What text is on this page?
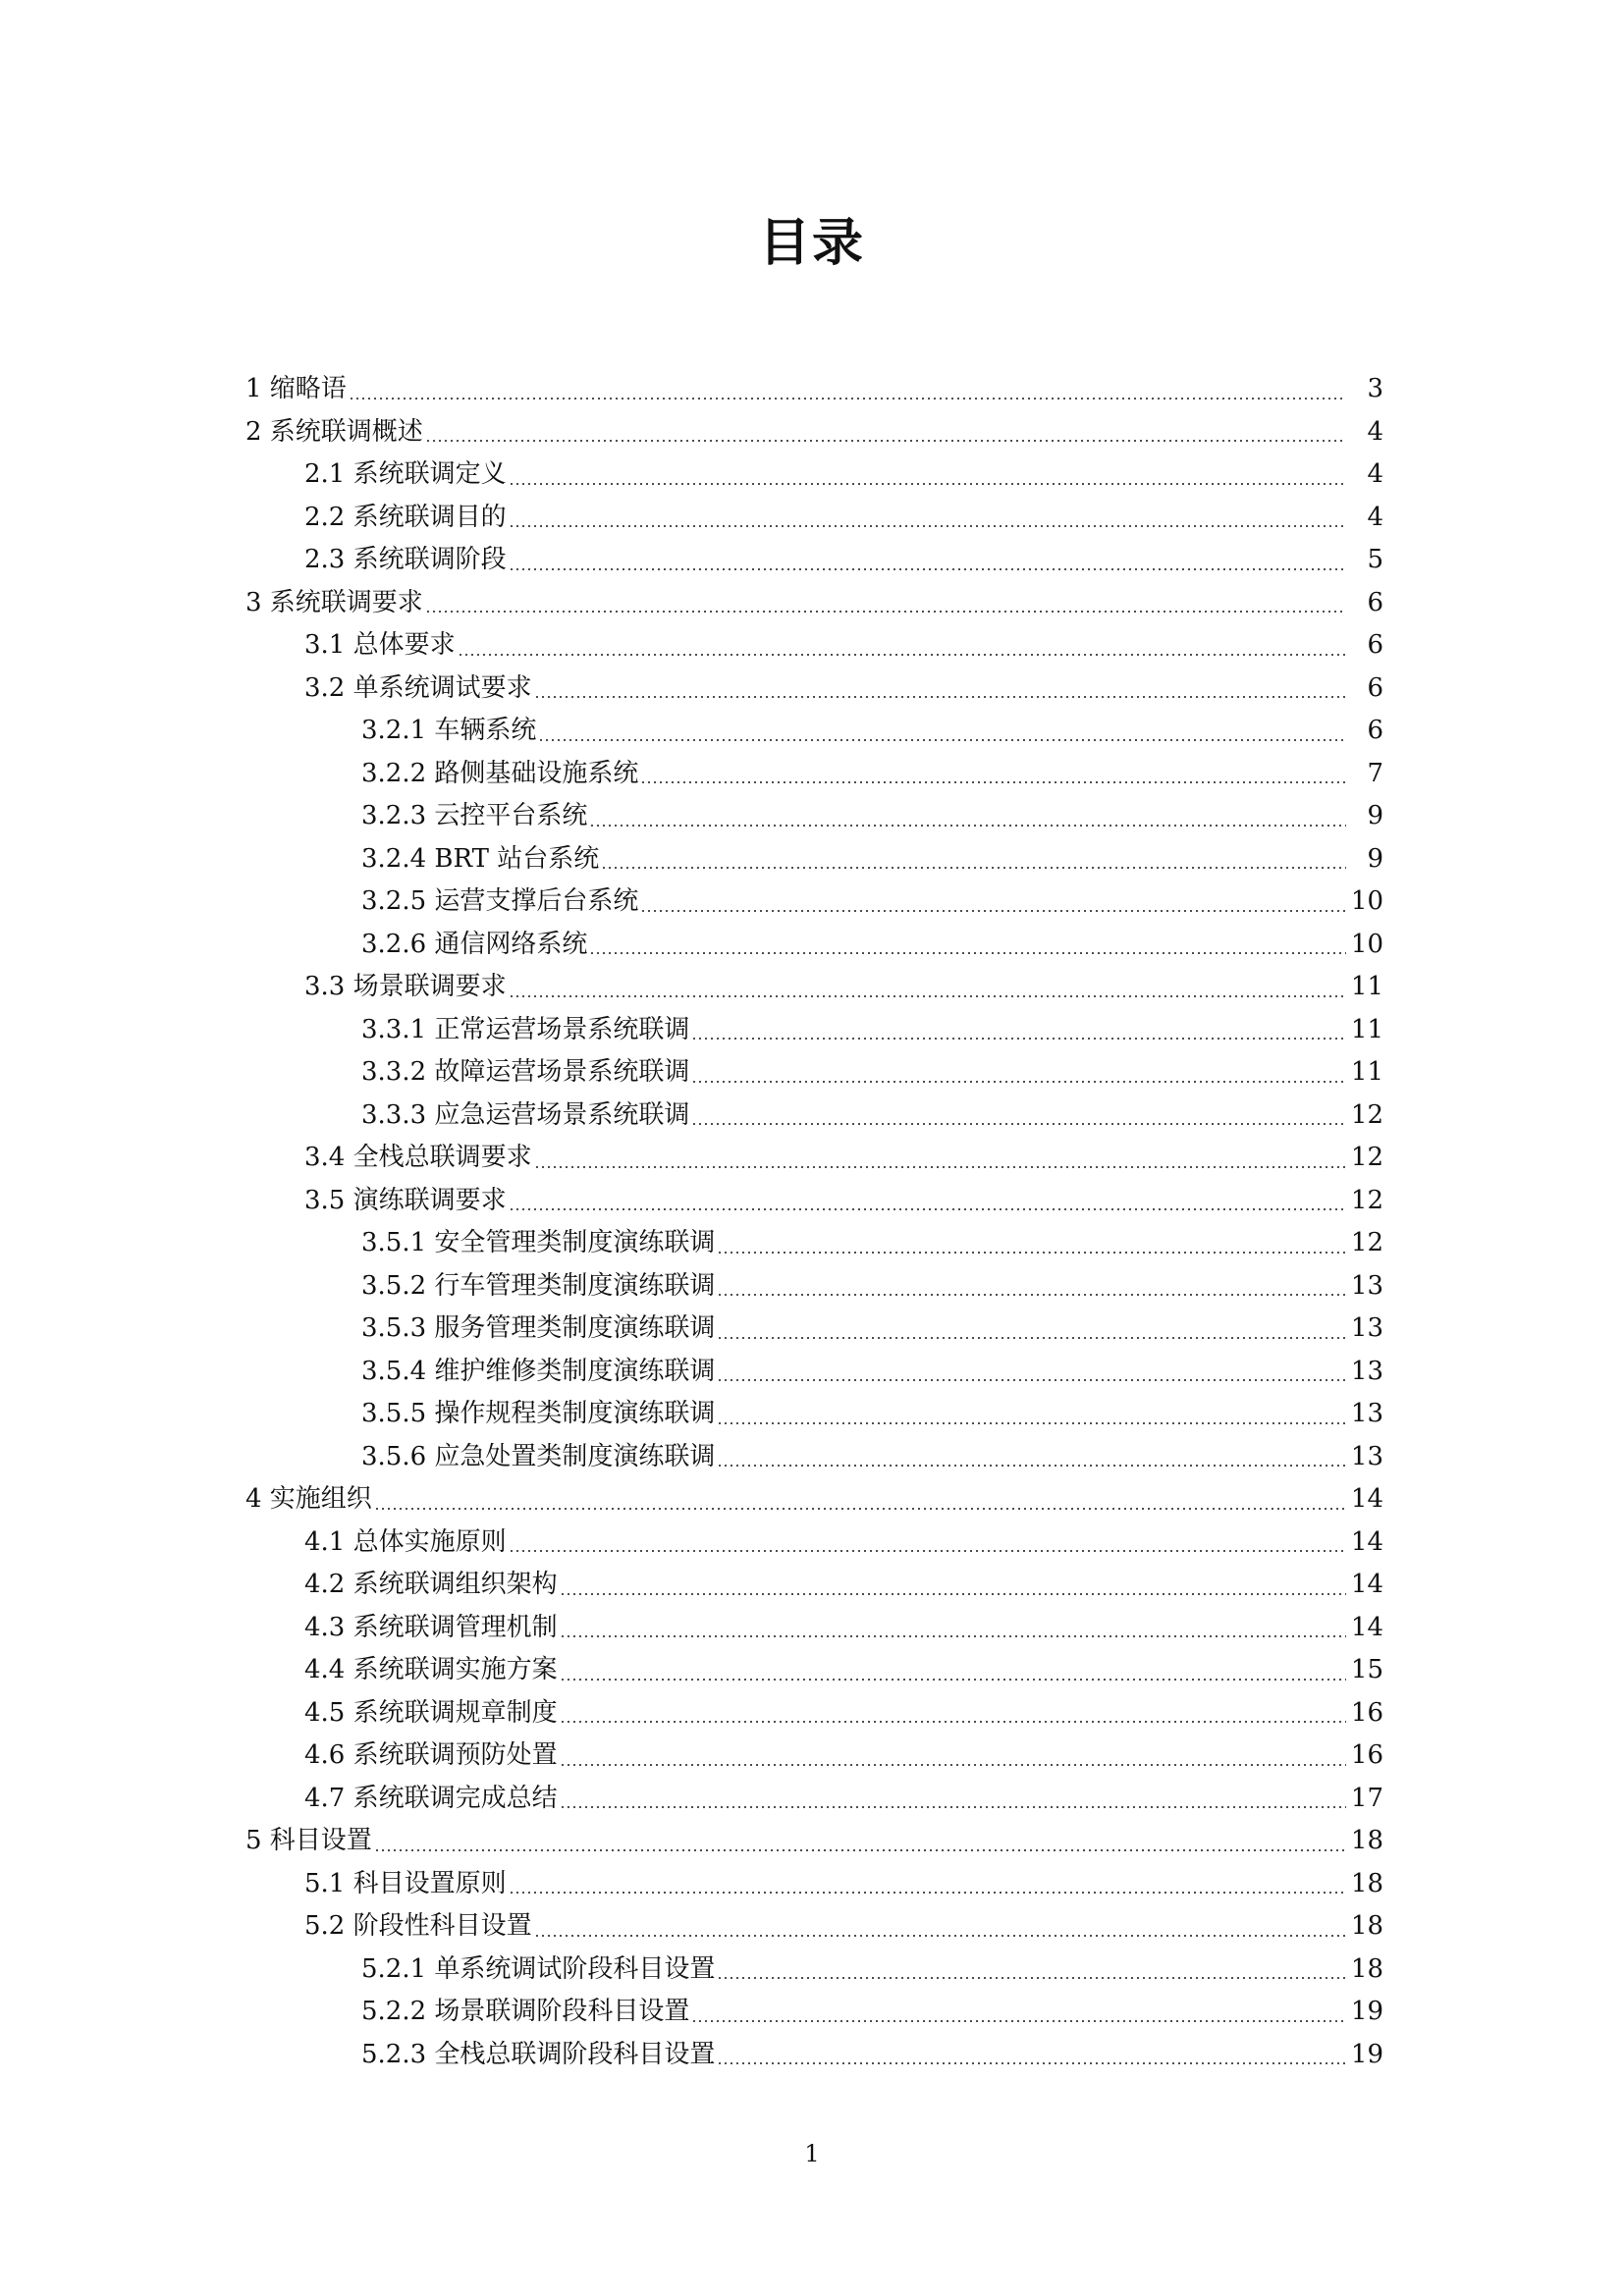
目录
1 缩略语	3
2 系统联调概述	4
2.1 系统联调定义	4
2.2 系统联调目的	4
2.3 系统联调阶段	5
3 系统联调要求	6
3.1 总体要求	6
3.2 单系统调试要求	6
3.2.1 车辆系统	6
3.2.2 路侧基础设施系统	7
3.2.3 云控平台系统	9
3.2.4 BRT 站台系统	9
3.2.5 运营支撑后台系统	10
3.2.6 通信网络系统	10
3.3 场景联调要求	11
3.3.1 正常运营场景系统联调	11
3.3.2 故障运营场景系统联调	11
3.3.3 应急运营场景系统联调	12
3.4 全栈总联调要求	12
3.5 演练联调要求	12
3.5.1 安全管理类制度演练联调	12
3.5.2 行车管理类制度演练联调	13
3.5.3 服务管理类制度演练联调	13
3.5.4 维护维修类制度演练联调	13
3.5.5 操作规程类制度演练联调	13
3.5.6 应急处置类制度演练联调	13
4 实施组织	14
4.1 总体实施原则	14
4.2 系统联调组织架构	14
4.3 系统联调管理机制	14
4.4 系统联调实施方案	15
4.5 系统联调规章制度	16
4.6 系统联调预防处置	16
4.7 系统联调完成总结	17
5 科目设置	18
5.1 科目设置原则	18
5.2 阶段性科目设置	18
5.2.1 单系统调试阶段科目设置	18
5.2.2 场景联调阶段科目设置	19
5.2.3 全栈总联调阶段科目设置	19
1
